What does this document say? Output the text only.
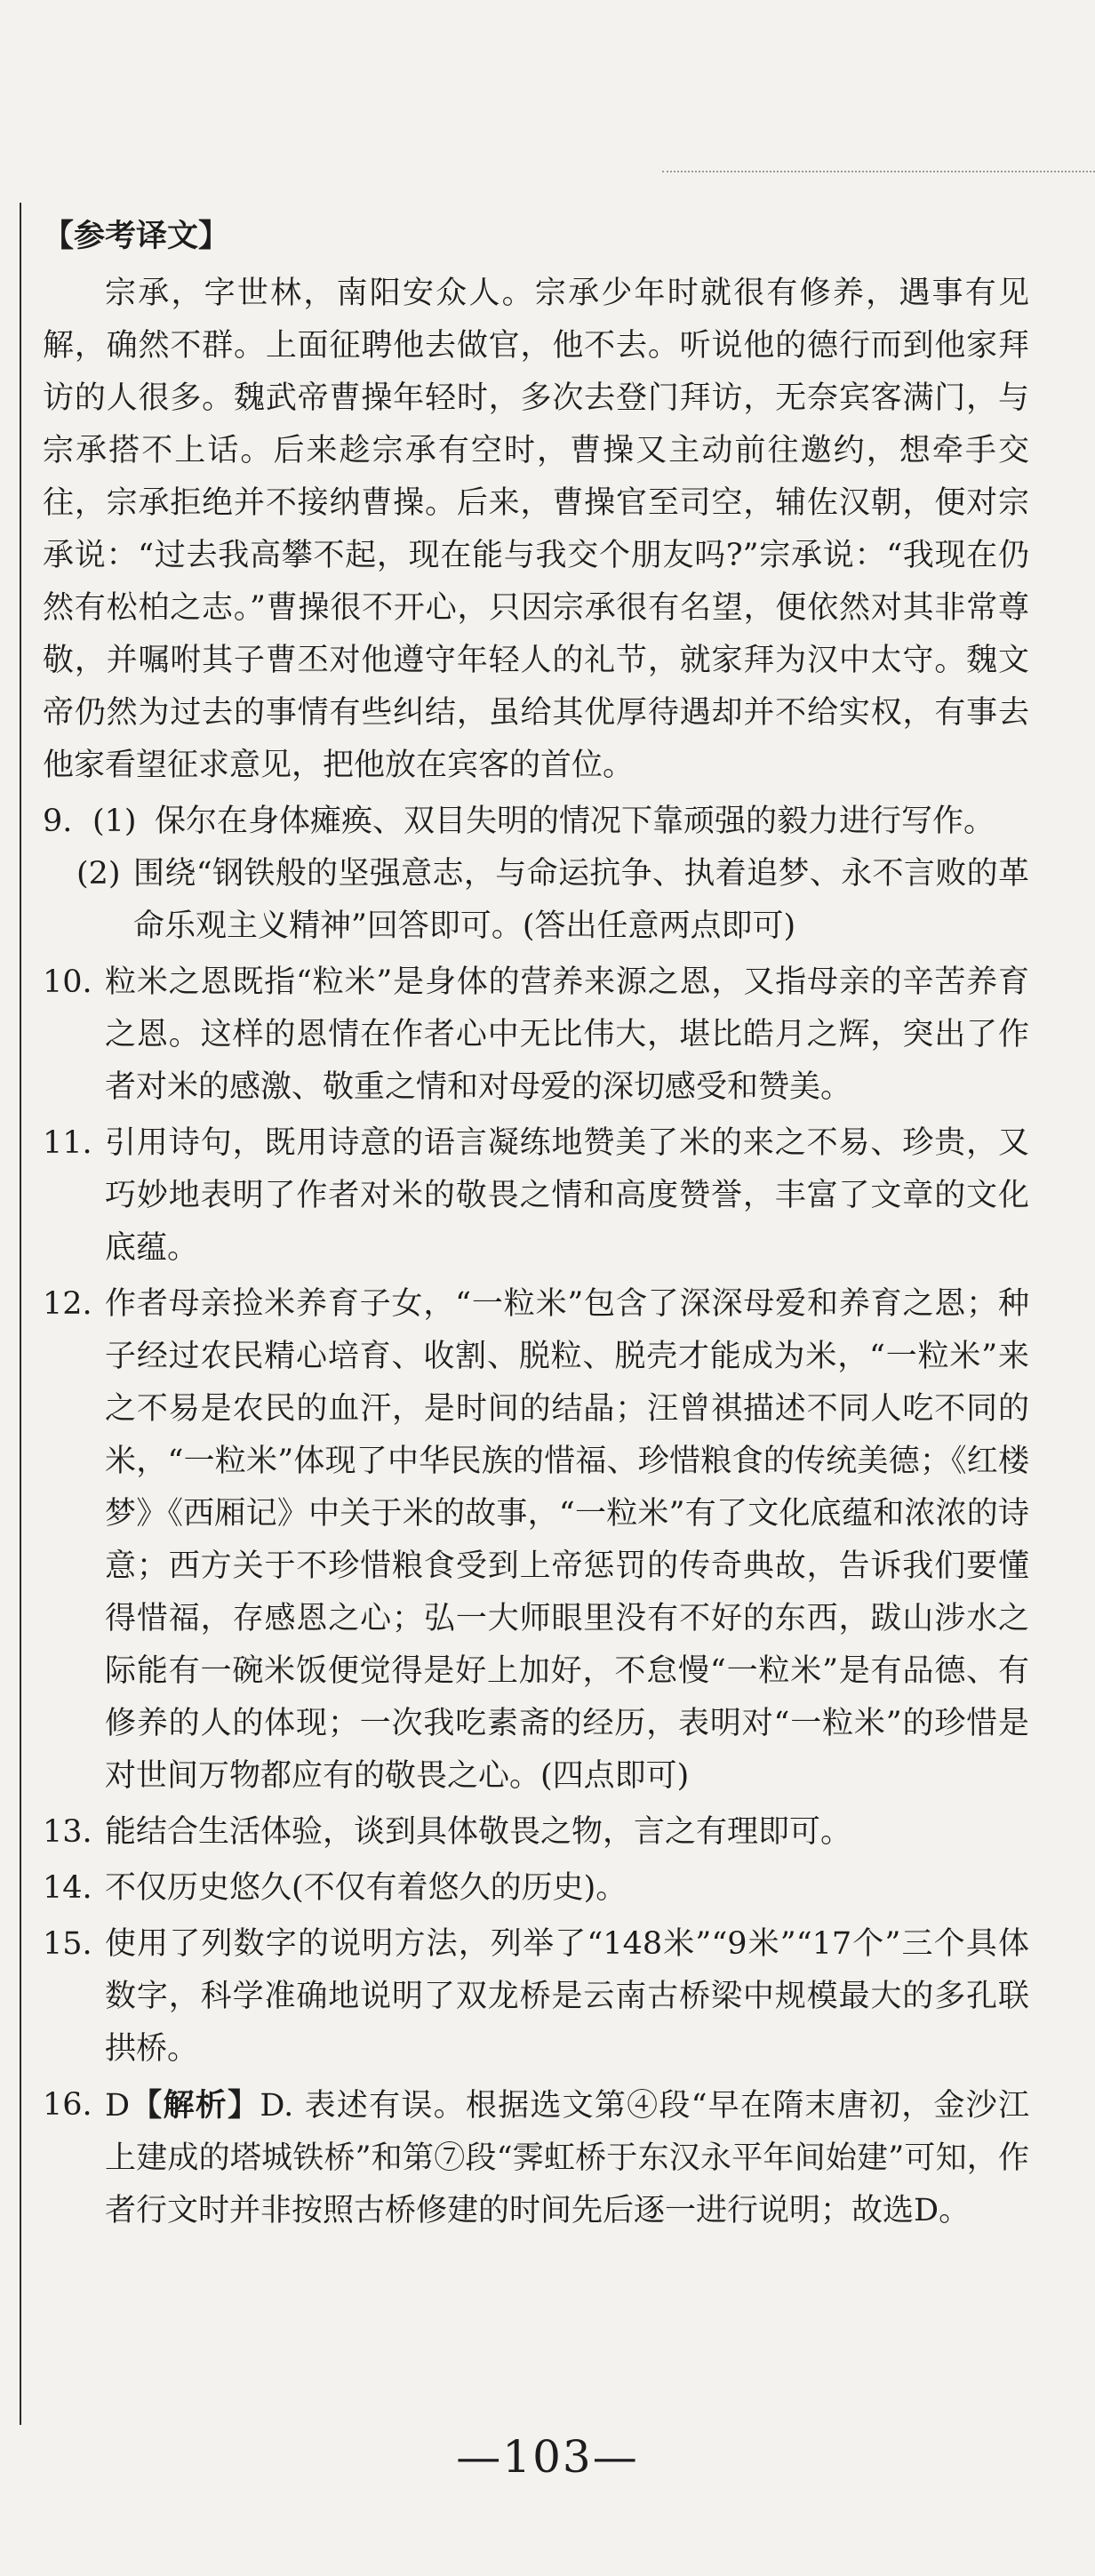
【参考译文】
宗承，字世林，南阳安众人。宗承少年时就很有修养，遇事有见解，确然不群。上面征聘他去做官，他不去。听说他的德行而到他家拜访的人很多。魏武帝曹操年轻时，多次去登门拜访，无奈宾客满门，与宗承搭不上话。后来趁宗承有空时，曹操又主动前往邀约，想牵手交往，宗承拒绝并不接纳曹操。后来，曹操官至司空，辅佐汉朝，便对宗承说：“过去我高攀不起，现在能与我交个朋友吗?”宗承说：“我现在仍然有松柏之志。”曹操很不开心，只因宗承很有名望，便依然对其非常尊敬，并嘱咐其子曹丕对他遵守年轻人的礼节，就家拜为汉中太守。魏文帝仍然为过去的事情有些纠结，虽给其优厚待遇却并不给实权，有事去他家看望征求意见，把他放在宾客的首位。
9. (1) 保尔在身体瘫痪、双目失明的情况下靠顽强的毅力进行写作。
(2) 围绕“钢铁般的坚强意志，与命运抗争、执着追梦、永不言败的革命乐观主义精神”回答即可。(答出任意两点即可)
10. 粒米之恩既指“粒米”是身体的营养来源之恩，又指母亲的辛苦养育之恩。这样的恩情在作者心中无比伟大，堪比皓月之辉，突出了作者对米的感激、敬重之情和对母爱的深切感受和赞美。
11. 引用诗句，既用诗意的语言凝练地赞美了米的来之不易、珍贵，又巧妙地表明了作者对米的敬畏之情和高度赞誉，丰富了文章的文化底蕴。
12. 作者母亲捡米养育子女，“一粒米”包含了深深母爱和养育之恩；种子经过农民精心培育、收割、脱粒、脱壳才能成为米，“一粒米”来之不易是农民的血汗，是时间的结晶；汪曾祺描述不同人吃不同的米，“一粒米”体现了中华民族的惜福、珍惜粮食的传统美德；《红楼梦》《西厢记》中关于米的故事，“一粒米”有了文化底蕴和浓浓的诗意；西方关于不珍惜粮食受到上帝惩罚的传奇典故，告诉我们要懂得惜福，存感恩之心；弘一大师眼里没有不好的东西，跋山涉水之际能有一碗米饭便觉得是好上加好，不怠慢“一粒米”是有品德、有修养的人的体现；一次我吃素斋的经历，表明对“一粒米”的珍惜是对世间万物都应有的敬畏之心。(四点即可)
13. 能结合生活体验，谈到具体敬畏之物，言之有理即可。
14. 不仅历史悠久(不仅有着悠久的历史)。
15. 使用了列数字的说明方法，列举了“148米”“9米”“17个”三个具体数字，科学准确地说明了双龙桥是云南古桥梁中规模最大的多孔联拱桥。
16. D【解析】D. 表述有误。根据选文第④段“早在隋末唐初，金沙江上建成的塔城铁桥”和第⑦段“霁虹桥于东汉永平年间始建”可知，作者行文时并非按照古桥修建的时间先后逐一进行说明；故选D。
—103—
